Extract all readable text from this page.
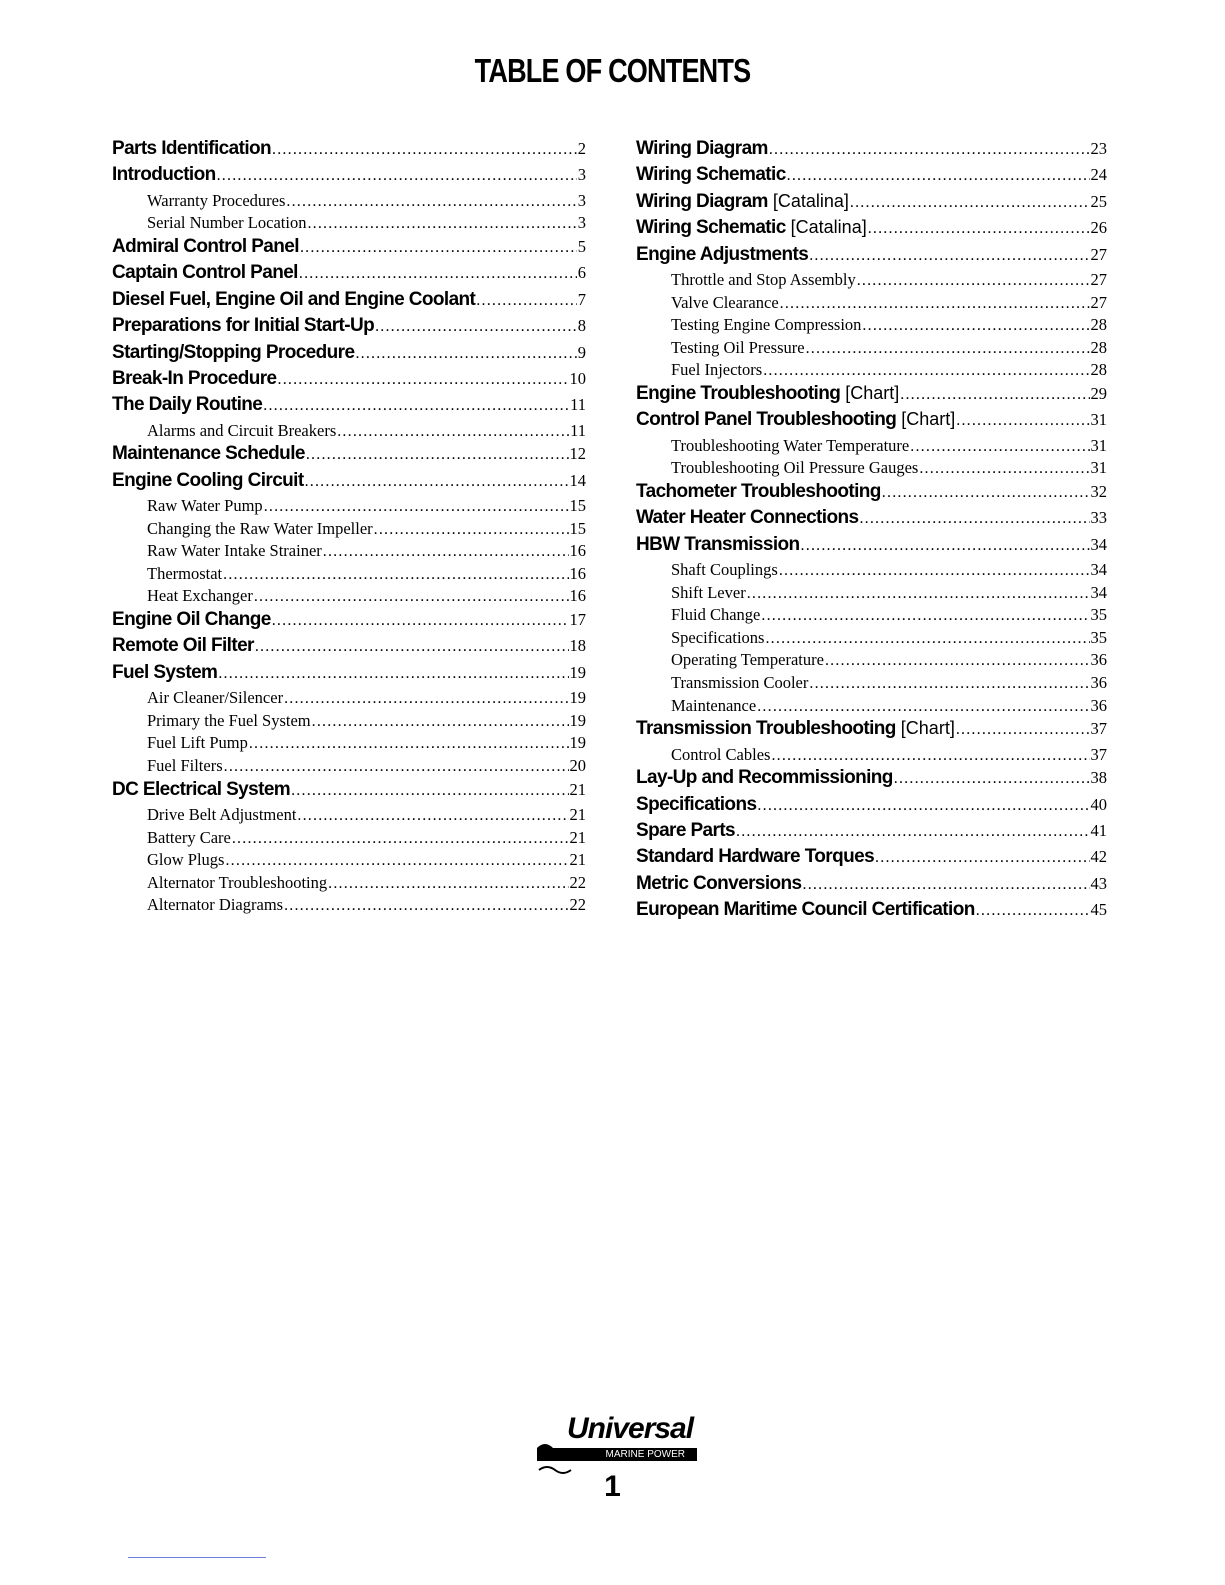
TABLE OF CONTENTS
Parts Identification .....	2
Introduction .....	3
Warranty Procedures .....	3
Serial Number Location .....	3
Admiral Control Panel .....	5
Captain Control Panel .....	6
Diesel Fuel, Engine Oil and Engine Coolant .....	7
Preparations for Initial Start-Up .....	8
Starting/Stopping Procedure .....	9
Break-In Procedure .....	10
The Daily Routine .....	11
Alarms and Circuit Breakers .....	11
Maintenance Schedule .....	12
Engine Cooling Circuit .....	14
Raw Water Pump .....	15
Changing the Raw Water Impeller .....	15
Raw Water Intake Strainer .....	16
Thermostat .....	16
Heat Exchanger .....	16
Engine Oil Change .....	17
Remote Oil Filter .....	18
Fuel System .....	19
Air Cleaner/Silencer .....	19
Primary the Fuel System .....	19
Fuel Lift Pump .....	19
Fuel Filters .....	20
DC Electrical System .....	21
Drive Belt Adjustment .....	21
Battery Care .....	21
Glow Plugs .....	21
Alternator Troubleshooting .....	22
Alternator Diagrams .....	22
Wiring Diagram .....	23
Wiring Schematic .....	24
Wiring Diagram [Catalina] .....	25
Wiring Schematic [Catalina] .....	26
Engine Adjustments .....	27
Throttle and Stop Assembly .....	27
Valve Clearance .....	27
Testing Engine Compression .....	28
Testing Oil Pressure .....	28
Fuel Injectors .....	28
Engine Troubleshooting [Chart] .....	29
Control Panel Troubleshooting [Chart] .....	31
Troubleshooting Water Temperature .....	31
Troubleshooting Oil Pressure Gauges .....	31
Tachometer Troubleshooting .....	32
Water Heater Connections .....	33
HBW Transmission .....	34
Shaft Couplings .....	34
Shift Lever .....	34
Fluid Change .....	35
Specifications .....	35
Operating Temperature .....	36
Transmission Cooler .....	36
Maintenance .....	36
Transmission Troubleshooting [Chart] .....	37
Control Cables .....	37
Lay-Up and Recommissioning .....	38
Specifications .....	40
Spare Parts .....	41
Standard Hardware Torques .....	42
Metric Conversions .....	43
European Maritime Council Certification .....	45
Universal
MARINE POWER
1
